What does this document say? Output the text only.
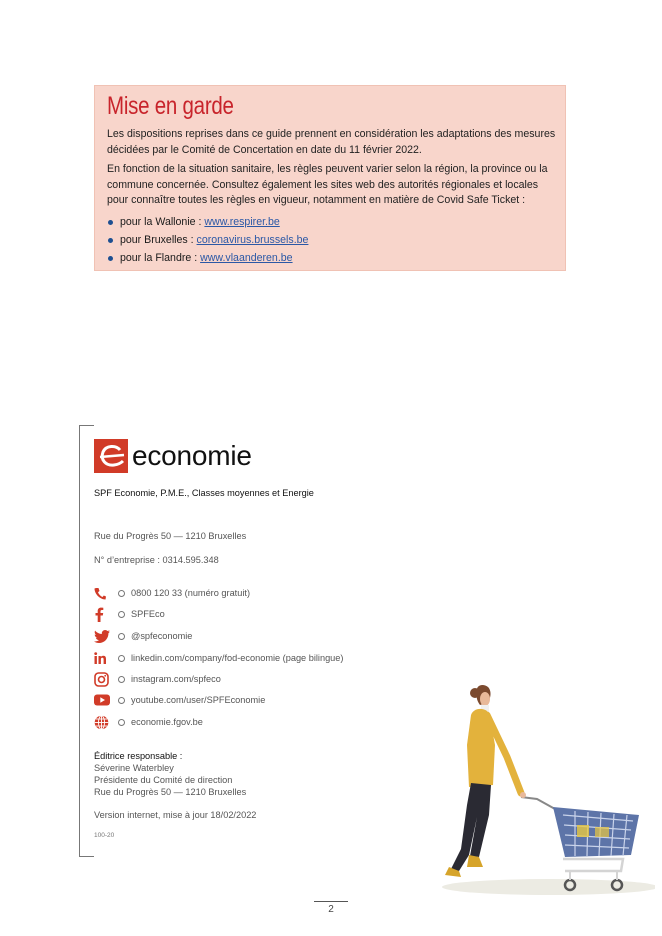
Mise en garde

Les dispositions reprises dans ce guide prennent en considération les adaptations des mesures décidées par le Comité de Concertation en date du 11 février 2022.

En fonction de la situation sanitaire, les règles peuvent varier selon la région, la province ou la commune concernée. Consultez également les sites web des autorités régionales et locales pour connaître toutes les règles en vigueur, notamment en matière de Covid Safe Ticket :

pour la Wallonie : www.respirer.be
pour Bruxelles : coronavirus.brussels.be
pour la Flandre : www.vlaanderen.be
economie
SPF Economie, P.M.E., Classes moyennes et Energie
Rue du Progrès 50 — 1210 Bruxelles
N° d’entreprise : 0314.595.348
0800 120 33 (numéro gratuit)
SPFEco
@spfeconomie
linkedin.com/company/fod-economie (page bilingue)
instagram.com/spfeco
youtube.com/user/SPFEconomie
economie.fgov.be
Éditrice responsable :
Séverine Waterbley
Présidente du Comité de direction
Rue du Progrès 50 — 1210 Bruxelles
Version internet, mise à jour 18/02/2022
100-20
2
